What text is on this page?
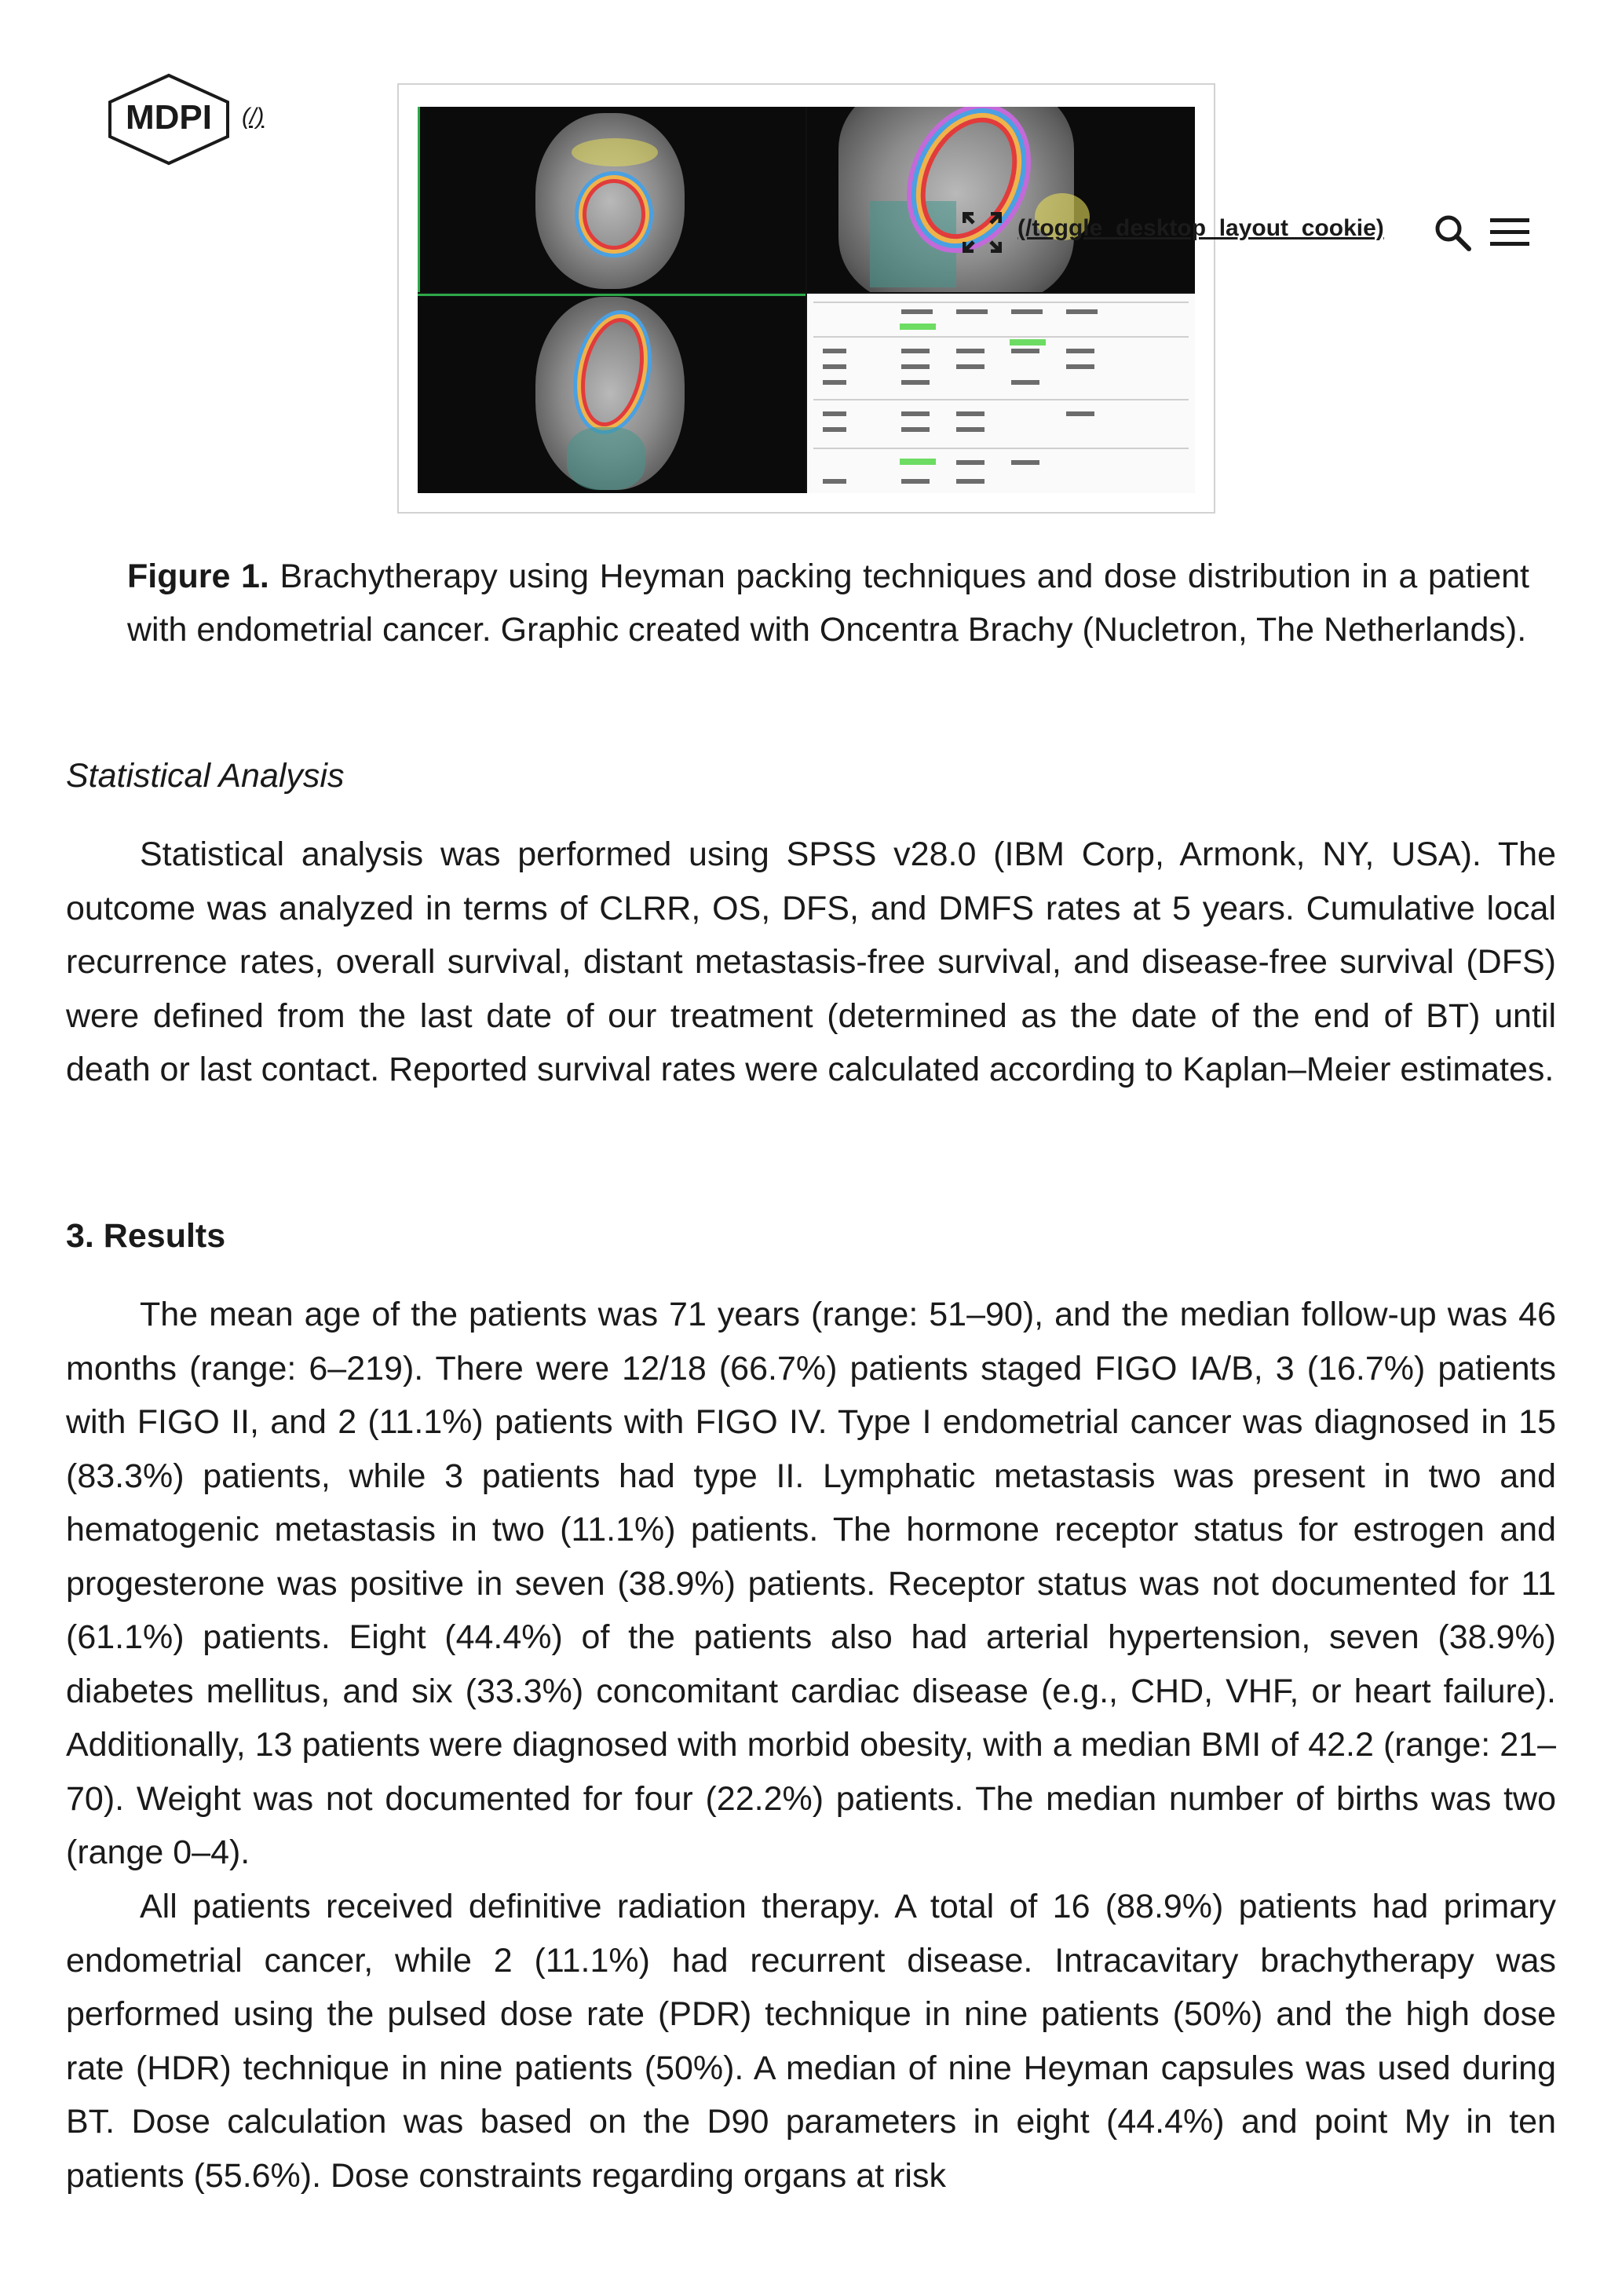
MDPI (/)
(/toggle_desktop_layout_cookie)
Figure 1. Brachytherapy using Heyman packing techniques and dose distribution in a patient with endometrial cancer. Graphic created with Oncentra Brachy (Nucletron, The Netherlands).
Statistical Analysis

Statistical analysis was performed using SPSS v28.0 (IBM Corp, Armonk, NY, USA). The outcome was analyzed in terms of CLRR, OS, DFS, and DMFS rates at 5 years. Cumulative local recurrence rates, overall survival, distant metastasis-free survival, and disease-free survival (DFS) were defined from the last date of our treatment (determined as the date of the end of BT) until death or last contact. Reported survival rates were calculated according to Kaplan–Meier estimates.

3. Results

The mean age of the patients was 71 years (range: 51–90), and the median follow-up was 46 months (range: 6–219). There were 12/18 (66.7%) patients staged FIGO IA/B, 3 (16.7%) patients with FIGO II, and 2 (11.1%) patients with FIGO IV. Type I endometrial cancer was diagnosed in 15 (83.3%) patients, while 3 patients had type II. Lymphatic metastasis was present in two and hematogenic metastasis in two (11.1%) patients. The hormone receptor status for estrogen and progesterone was positive in seven (38.9%) patients. Receptor status was not documented for 11 (61.1%) patients. Eight (44.4%) of the patients also had arterial hypertension, seven (38.9%) diabetes mellitus, and six (33.3%) concomitant cardiac disease (e.g., CHD, VHF, or heart failure). Additionally, 13 patients were diagnosed with morbid obesity, with a median BMI of 42.2 (range: 21–70). Weight was not documented for four (22.2%) patients. The median number of births was two (range 0–4).

All patients received definitive radiation therapy. A total of 16 (88.9%) patients had primary endometrial cancer, while 2 (11.1%) had recurrent disease. Intracavitary brachytherapy was performed using the pulsed dose rate (PDR) technique in nine patients (50%) and the high dose rate (HDR) technique in nine patients (50%). A median of nine Heyman capsules was used during BT. Dose calculation was based on the D90 parameters in eight (44.4%) and point My in ten patients (55.6%). Dose constraints regarding organs at risk
